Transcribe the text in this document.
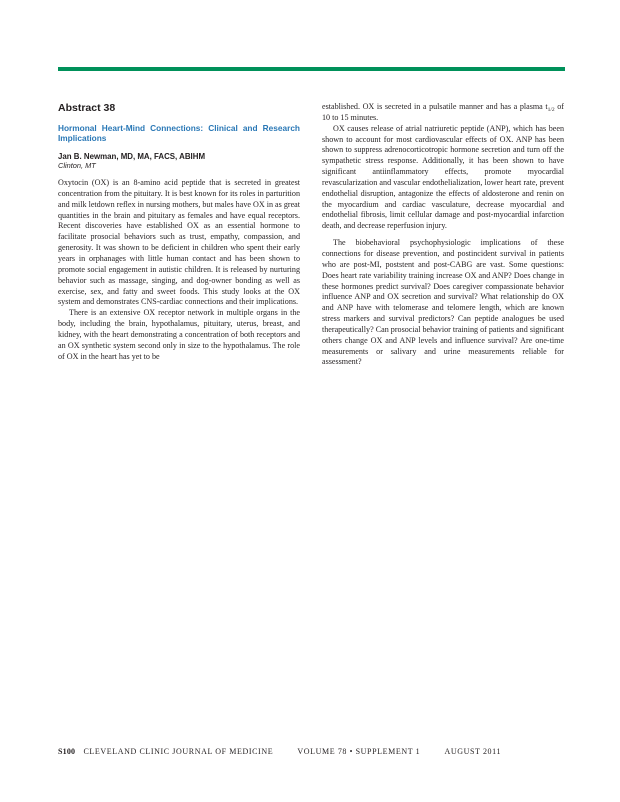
Abstract 38
Hormonal Heart-Mind Connections: Clinical and Research Implications
Jan B. Newman, MD, MA, FACS, ABIHM
Clinton, MT

Oxytocin (OX) is an 8-amino acid peptide that is secreted in greatest concentration from the pituitary. It is best known for its roles in parturition and milk letdown reflex in nursing mothers, but males have OX in as great quantities in the brain and pituitary as females and have equal receptors. Recent discoveries have established OX as an essential hormone to facilitate prosocial behaviors such as trust, empathy, compassion, and generosity. It was shown to be deficient in children who spent their early years in orphanages with little human contact and has been shown to promote social engagement in autistic children. It is released by nurturing behavior such as massage, singing, and dog-owner bonding as well as exercise, sex, and fatty and sweet foods. This study looks at the OX system and demonstrates CNS-cardiac connections and their implications.

There is an extensive OX receptor network in multiple organs in the body, including the brain, hypothalamus, pituitary, uterus, breast, and kidney, with the heart demonstrating a concentration of both receptors and an OX synthetic system second only in size to the hypothalamus. The role of OX in the heart has yet to be

established. OX is secreted in a pulsatile manner and has a plasma $t_{1/2}$ of 10 to 15 minutes.

OX causes release of atrial natriuretic peptide (ANP), which has been shown to account for most cardiovascular effects of OX. ANP has been shown to suppress adrenocorticotropic hormone secretion and turn off the sympathetic stress response. Additionally, it has been shown to have significant antiinflammatory effects, promote myocardial revascularization and vascular endothelialization, lower heart rate, prevent endothelial disruption, antagonize the effects of aldosterone and renin on the myocardium and cardiac vasculature, decrease myocardial and endothelial fibrosis, limit cellular damage and post-myocardial infarction death, and decrease reperfusion injury.

The biobehavioral psychophysiologic implications of these connections for disease prevention, and postincident survival in patients who are post-MI, poststent and post-CABG are vast. Some questions: Does heart rate variability training increase OX and ANP? Does change in these hormones predict survival? Does caregiver compassionate behavior influence ANP and OX secretion and survival? What relationship do OX and ANP have with telomerase and telomere length, which are known stress markers and survival predictors? Can peptide analogues be used therapeutically? Can prosocial behavior training of patients and significant others change OX and ANP levels and influence survival? Are one-time measurements or salivary and urine measurements reliable for assessment?

S100 CLEVELAND CLINIC JOURNAL OF MEDICINE	VOLUME 78 • SUPPLEMENT 1	AUGUST 2011
